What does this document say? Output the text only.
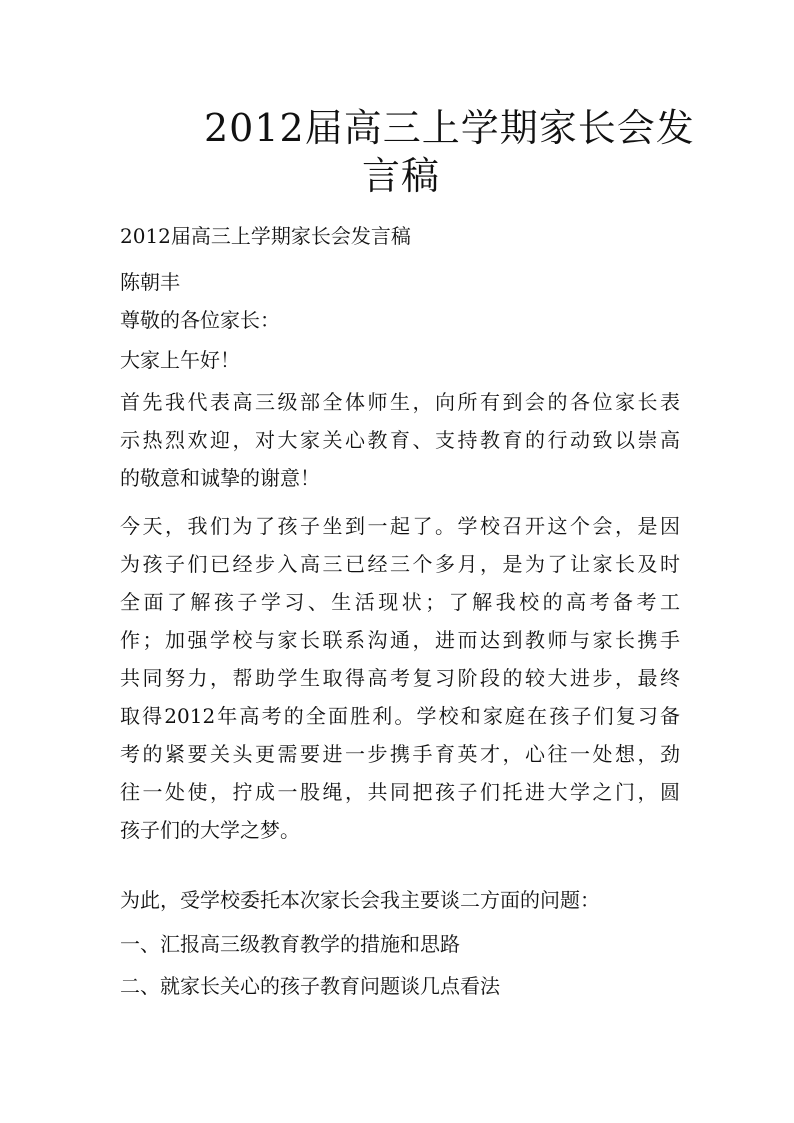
2012届高三上学期家长会发
言稿
2012届高三上学期家长会发言稿
陈朝丰
尊敬的各位家长：
大家上午好！
首先我代表高三级部全体师生，向所有到会的各位家长表
示热烈欢迎，对大家关心教育、支持教育的行动致以崇高
的敬意和诚挚的谢意！
今天，我们为了孩子坐到一起了。学校召开这个会，是因
为孩子们已经步入高三已经三个多月，是为了让家长及时
全面了解孩子学习、生活现状；了解我校的高考备考工
作；加强学校与家长联系沟通，进而达到教师与家长携手
共同努力，帮助学生取得高考复习阶段的较大进步，最终
取得2012年高考的全面胜利。学校和家庭在孩子们复习备
考的紧要关头更需要进一步携手育英才，心往一处想，劲
往一处使，拧成一股绳，共同把孩子们托进大学之门，圆
孩子们的大学之梦。
为此，受学校委托本次家长会我主要谈二方面的问题：
一、汇报高三级教育教学的措施和思路
二、就家长关心的孩子教育问题谈几点看法
